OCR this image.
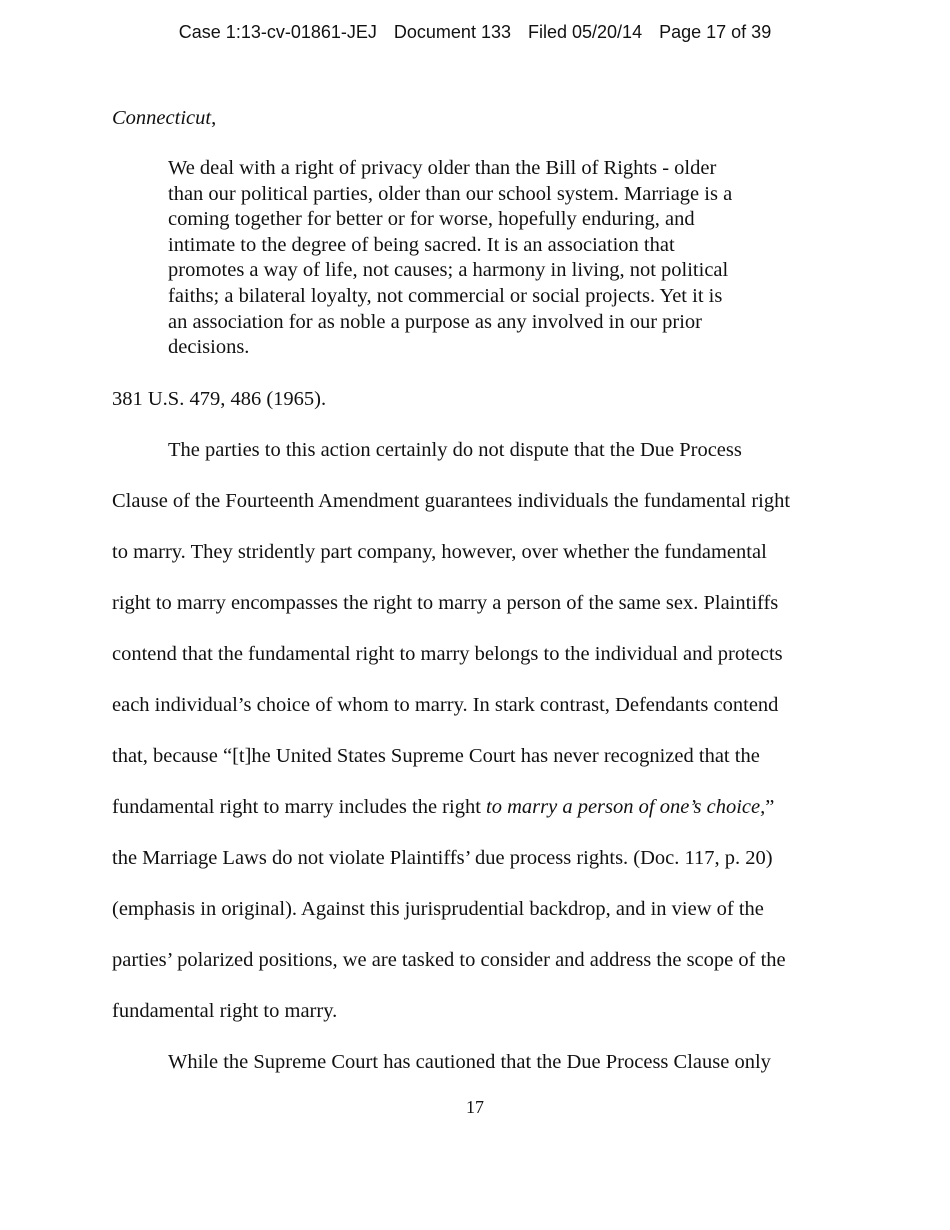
Case 1:13-cv-01861-JEJ Document 133 Filed 05/20/14 Page 17 of 39
Connecticut,
We deal with a right of privacy older than the Bill of Rights - older
than our political parties, older than our school system. Marriage is a
coming together for better or for worse, hopefully enduring, and
intimate to the degree of being sacred. It is an association that
promotes a way of life, not causes; a harmony in living, not political
faiths; a bilateral loyalty, not commercial or social projects. Yet it is
an association for as noble a purpose as any involved in our prior
decisions.
381 U.S. 479, 486 (1965).
The parties to this action certainly do not dispute that the Due Process
Clause of the Fourteenth Amendment guarantees individuals the fundamental right
to marry. They stridently part company, however, over whether the fundamental
right to marry encompasses the right to marry a person of the same sex. Plaintiffs
contend that the fundamental right to marry belongs to the individual and protects
each individual’s choice of whom to marry. In stark contrast, Defendants contend
that, because “[t]he United States Supreme Court has never recognized that the
fundamental right to marry includes the right to marry a person of one’s choice,”
the Marriage Laws do not violate Plaintiffs’ due process rights. (Doc. 117, p. 20)
(emphasis in original). Against this jurisprudential backdrop, and in view of the
parties’ polarized positions, we are tasked to consider and address the scope of the
fundamental right to marry.
While the Supreme Court has cautioned that the Due Process Clause only
17
